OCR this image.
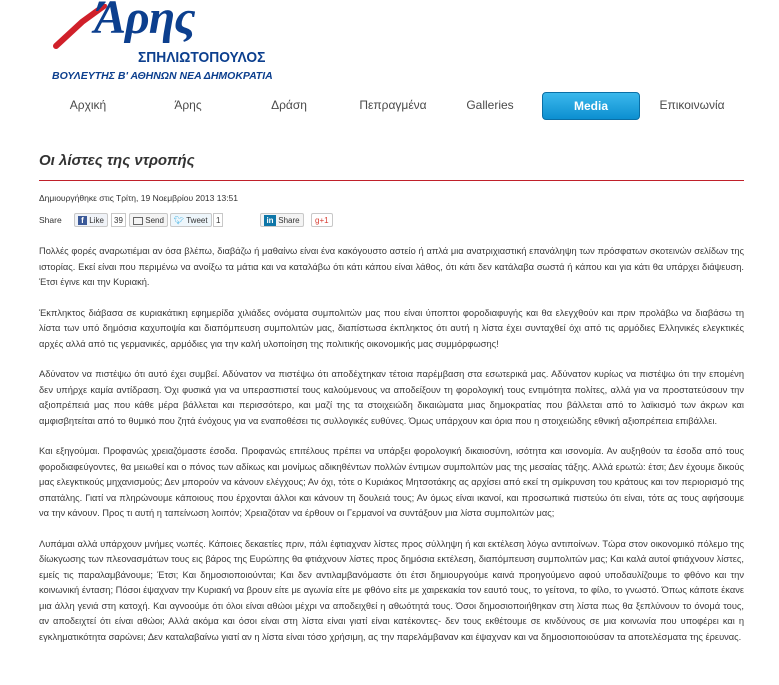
Άρης
ΣΠΗΛΙΩΤΟΠΟΥΛΟΣ
ΒΟΥΛΕΥΤΗΣ Β' ΑΘΗΝΩΝ ΝΕΑ ΔΗΜΟΚΡΑΤΙΑ
Αρχική	Άρης	Δράση	Πεπραγμένα	Galleries	Media	Επικοινωνία
Οι λίστες της ντροπής
Δημιουργήθηκε στις Τρίτη, 19 Νοεμβρίου 2013 13:51
Share	f Like	39	Send	🐦︎ Tweet	1	in Share	g+1

Πολλές φορές αναρωτιέμαι αν όσα βλέπω, διαβάζω ή μαθαίνω είναι ένα κακόγουστο αστείο ή απλά μια ανατριχιαστική επανάληψη των πρόσφατων σκοτεινών σελίδων της ιστορίας. Εκεί είναι που περιμένω να ανοίξω τα μάτια και να καταλάβω ότι κάτι κάπου είναι λάθος, ότι κάτι δεν κατάλαβα σωστά ή κάπου και για κάτι θα υπάρχει διάψευση. Έτσι έγινε και την Κυριακή.

Έκπληκτος διάβασα σε κυριακάτικη εφημερίδα χιλιάδες ονόματα συμπολιτών μας που είναι ύποπτοι φοροδιαφυγής και θα ελεγχθούν και πριν προλάβω να διαβάσω τη λίστα των υπό δημόσια καχυποψία και διαπόμπευση συμπολιτών μας, διαπίστωσα έκπληκτος ότι αυτή η λίστα έχει συνταχθεί όχι από τις αρμόδιες Ελληνικές ελεγκτικές αρχές αλλά από τις γερμανικές, αρμόδιες για την καλή υλοποίηση της πολιτικής οικονομικής μας συμμόρφωσης!

Αδύνατον να πιστέψω ότι αυτό έχει συμβεί. Αδύνατον να πιστέψω ότι αποδέχτηκαν τέτοια παρέμβαση στα εσωτερικά μας. Αδύνατον κυρίως να πιστέψω ότι την επομένη δεν υπήρχε καμία αντίδραση. Όχι φυσικά για να υπερασπιστεί τους καλούμενους να αποδείξουν τη φορολογική τους εντιμότητα πολίτες, αλλά για να προστατεύσουν την αξιοπρέπειά μας που κάθε μέρα βάλλεται και περισσότερο, και μαζί της τα στοιχειώδη δικαιώματα μιας δημοκρατίας που βάλλεται από το λαϊκισμό των άκρων και αμφισβητείται από το θυμικό που ζητά ένόχους για να εναποθέσει τις συλλογικές ευθύνες. Όμως υπάρχουν και όρια που η στοιχειώδης εθνική αξιοπρέπεια επιβάλλει.

Και εξηγούμαι. Προφανώς χρειαζόμαστε έσοδα. Προφανώς επιτέλους πρέπει να υπάρξει φορολογική δικαιοσύνη, ισότητα και ισονομία. Αν αυξηθούν τα έσοδα από τους φοροδιαφεύγοντες, θα μειωθεί και ο πόνος των αδίκως και μονίμως αδικηθέντων πολλών έντιμων συμπολιτών μας της μεσαίας τάξης. Αλλά ερωτώ: έτσι; Δεν έχουμε δικούς μας ελεγκτικούς μηχανισμούς; Δεν μπορούν να κάνουν ελέγχους; Αν όχι, τότε ο Κυριάκος Μητσοτάκης ας αρχίσει από εκεί τη σμίκρυνση του κράτους και τον περιορισμό της σπατάλης. Γιατί να πληρώνουμε κάποιους που έρχονται άλλοι και κάνουν τη δουλειά τους; Αν όμως είναι ικανοί, και προσωπικά πιστεύω ότι είναι, τότε ας τους αφήσουμε να την κάνουν. Προς τι αυτή η ταπείνωση λοιπόν; Χρειαζόταν να έρθουν οι Γερμανοί να συντάξουν μια λίστα συμπολιτών μας;

Λυπάμαι αλλά υπάρχουν μνήμες νωπές. Κάποιες δεκαετίες πριν, πάλι έφτιαχναν λίστες προς σύλληψη ή και εκτέλεση λόγω αντιποίνων. Τώρα στον οικονομικό πόλεμο της δίωκγωσης των πλεονασμάτων τους εις βάρος της Ευρώπης θα φτιάχνουν λίστες προς δημόσια εκτέλεση, διαπόμπευση συμπολιτών μας; Και καλά αυτοί φτιάχνουν λίστες, εμείς τις παραλαμβάνουμε; Έτσι; Και δημοσιοποιούνται; Και δεν αντιλαμβανόμαστε ότι έτσι δημιουργούμε καινά προηγούμενο αφού υποδαυλίζουμε το φθόνο και την κοινωνική ένταση; Πόσοι έψαχναν την Κυριακή να βρουν είτε με αγωνία είτε με φθόνο είτε με χαιρεκακία τον εαυτό τους, το γείτονα, το φίλο, το γνωστό. Όπως κάποτε έκανε μια άλλη γενιά στη κατοχή. Και αγνοούμε ότι όλοι είναι αθώοι μέχρι να αποδειχθεί η αθωότητά τους. Όσοι δημοσιοποιήθηκαν στη λίστα πως θα ξεπλύνουν το όνομά τους, αν αποδειχτεί ότι είναι αθώοι; Αλλά ακόμα και όσοι είναι στη λίστα είναι γιατί είναι κατέκοντες- δεν τους εκθέτουμε σε κινδύνους σε μια κοινωνία που υποφέρει και η εγκληματικότητα σαρώνει; Δεν καταλαβαίνω γιατί αν η λίστα είναι τόσο χρήσιμη, ας την παρελάμβαναν και έψαχναν και να δημοσιοποιούσαν τα αποτελέσματα της έρευνας.
